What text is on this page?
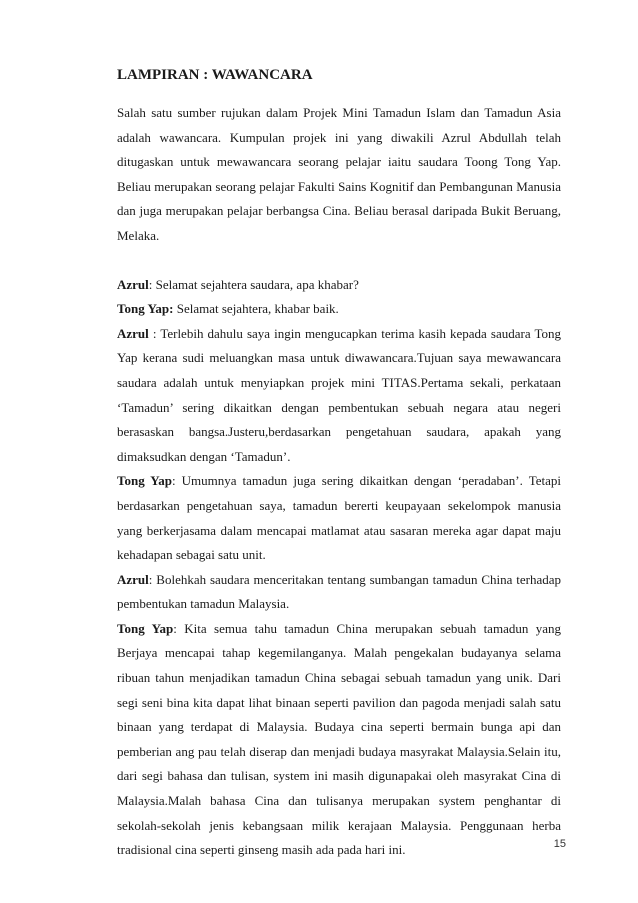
LAMPIRAN : WAWANCARA

Salah satu sumber rujukan dalam Projek Mini Tamadun Islam dan Tamadun Asia adalah wawancara. Kumpulan projek ini yang diwakili Azrul Abdullah telah ditugaskan untuk mewawancara seorang pelajar iaitu saudara Toong Tong Yap. Beliau merupakan seorang pelajar Fakulti Sains Kognitif dan Pembangunan Manusia dan juga merupakan pelajar berbangsa Cina. Beliau berasal daripada Bukit Beruang, Melaka.

Azrul: Selamat sejahtera saudara, apa khabar?

Tong Yap: Selamat sejahtera, khabar baik.

Azrul : Terlebih dahulu saya ingin mengucapkan terima kasih kepada saudara Tong Yap kerana sudi meluangkan masa untuk diwawancara.Tujuan saya mewawancara saudara adalah untuk menyiapkan projek mini TITAS.Pertama sekali, perkataan ‘Tamadun’ sering dikaitkan dengan pembentukan sebuah negara atau negeri berasaskan bangsa.Justeru,berdasarkan pengetahuan saudara, apakah yang dimaksudkan dengan ‘Tamadun’.

Tong Yap: Umumnya tamadun juga sering dikaitkan dengan ‘peradaban’. Tetapi berdasarkan pengetahuan saya, tamadun bererti keupayaan sekelompok manusia yang berkerjasama dalam mencapai matlamat atau sasaran mereka agar dapat maju kehadapan sebagai satu unit.

Azrul: Bolehkah saudara menceritakan tentang sumbangan tamadun China terhadap pembentukan tamadun Malaysia.

Tong Yap: Kita semua tahu tamadun China merupakan sebuah tamadun yang Berjaya mencapai tahap kegemilanganya. Malah pengekalan budayanya selama ribuan tahun menjadikan tamadun China sebagai sebuah tamadun yang unik. Dari segi seni bina kita dapat lihat binaan seperti pavilion dan pagoda menjadi salah satu binaan yang terdapat di Malaysia. Budaya cina seperti bermain bunga api dan pemberian ang pau telah diserap dan menjadi budaya masyrakat Malaysia.Selain itu, dari segi bahasa dan tulisan, system ini masih digunapakai oleh masyrakat Cina di Malaysia.Malah bahasa Cina dan tulisanya merupakan system penghantar di sekolah-sekolah jenis kebangsaan milik kerajaan Malaysia. Penggunaan herba tradisional cina seperti ginseng masih ada pada hari ini.	15
